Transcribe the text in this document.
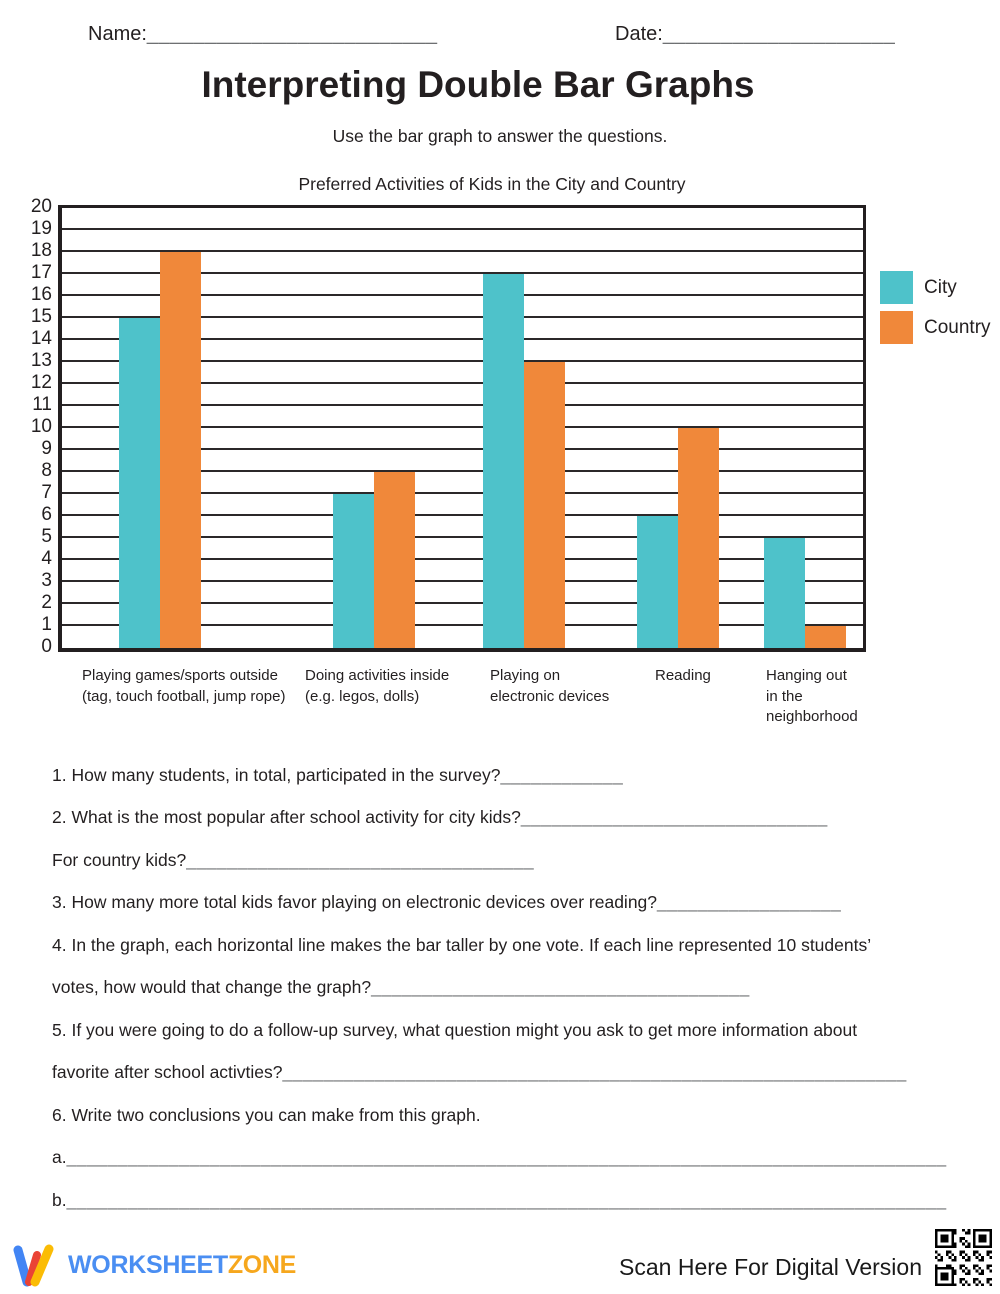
Name:_________________________	Date:____________________
Interpreting Double Bar Graphs
Use the bar graph to answer the questions.
Preferred Activities of Kids in the City and Country
20
19
18
17
16
15
14
13
12
11
10
9
8
7
6
5
4
3
2
1
0
Playing games/sports outside
(tag, touch football, jump rope)
Doing activities inside
(e.g. legos, dolls)
Playing on
electronic devices
Reading	Hanging out
in the
neighborhood
City
Country
1. How many students, in total, participated in the survey? ____________
2. What is the most popular after school activity for city kids? ______________________________
For country kids? __________________________________
3. How many more total kids favor playing on electronic devices over reading? __________________
4. In the graph, each horizontal line makes the bar taller by one vote. If each line represented 10 students’
votes, how would that change the graph? _____________________________________
5. If you were going to do a follow-up survey, what question might you ask to get more information about
favorite after school activties? _____________________________________________________________
6. Write two conclusions you can make from this graph.
a. ______________________________________________________________________________________
b. ______________________________________________________________________________________
WORKSHEETZONE	Scan Here For Digital Version
